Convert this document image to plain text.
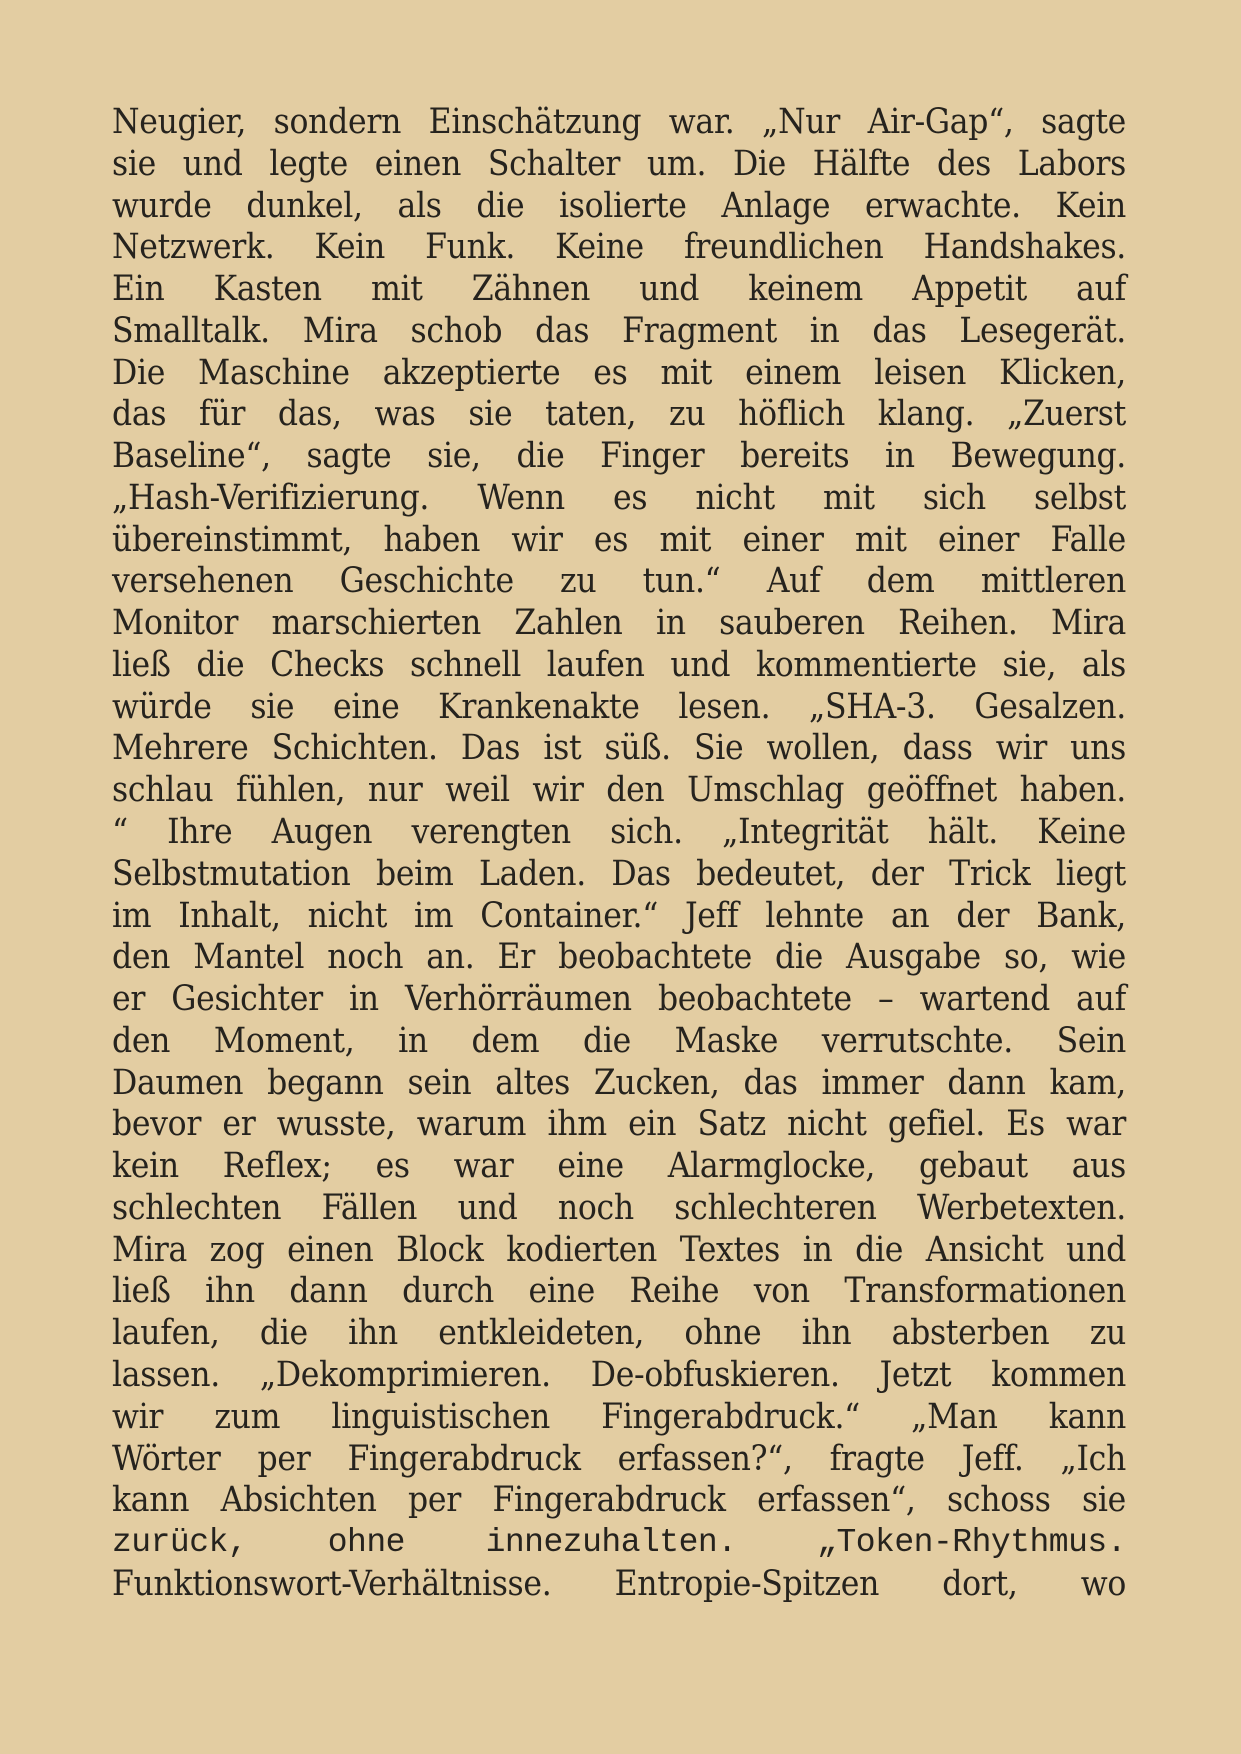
Neugier, sondern Einschätzung war. „Nur Air-Gap“, sagte
sie und legte einen Schalter um. Die Hälfte des Labors
wurde dunkel, als die isolierte Anlage erwachte. Kein
Netzwerk. Kein Funk. Keine freundlichen Handshakes.
Ein Kasten mit Zähnen und keinem Appetit auf
Smalltalk. Mira schob das Fragment in das Lesegerät.
Die Maschine akzeptierte es mit einem leisen Klicken,
das für das, was sie taten, zu höflich klang. „Zuerst
Baseline“, sagte sie, die Finger bereits in Bewegung.
„Hash-Verifizierung. Wenn es nicht mit sich selbst
übereinstimmt, haben wir es mit einer mit einer Falle
versehenen Geschichte zu tun.“ Auf dem mittleren
Monitor marschierten Zahlen in sauberen Reihen. Mira
ließ die Checks schnell laufen und kommentierte sie, als
würde sie eine Krankenakte lesen. „SHA-3. Gesalzen.
Mehrere Schichten. Das ist süß. Sie wollen, dass wir uns
schlau fühlen, nur weil wir den Umschlag geöffnet haben.
“ Ihre Augen verengten sich. „Integrität hält. Keine
Selbstmutation beim Laden. Das bedeutet, der Trick liegt
im Inhalt, nicht im Container.“ Jeff lehnte an der Bank,
den Mantel noch an. Er beobachtete die Ausgabe so, wie
er Gesichter in Verhörräumen beobachtete – wartend auf
den Moment, in dem die Maske verrutschte. Sein
Daumen begann sein altes Zucken, das immer dann kam,
bevor er wusste, warum ihm ein Satz nicht gefiel. Es war
kein Reflex; es war eine Alarmglocke, gebaut aus
schlechten Fällen und noch schlechteren Werbetexten.
Mira zog einen Block kodierten Textes in die Ansicht und
ließ ihn dann durch eine Reihe von Transformationen
laufen, die ihn entkleideten, ohne ihn absterben zu
lassen. „Dekomprimieren. De-obfuskieren. Jetzt kommen
wir zum linguistischen Fingerabdruck.“ „Man kann
Wörter per Fingerabdruck erfassen?“, fragte Jeff. „Ich
kann Absichten per Fingerabdruck erfassen“, schoss sie
zurück, ohne innezuhalten. „Token-Rhythmus.
Funktionswort-Verhältnisse. Entropie-Spitzen dort, wo
